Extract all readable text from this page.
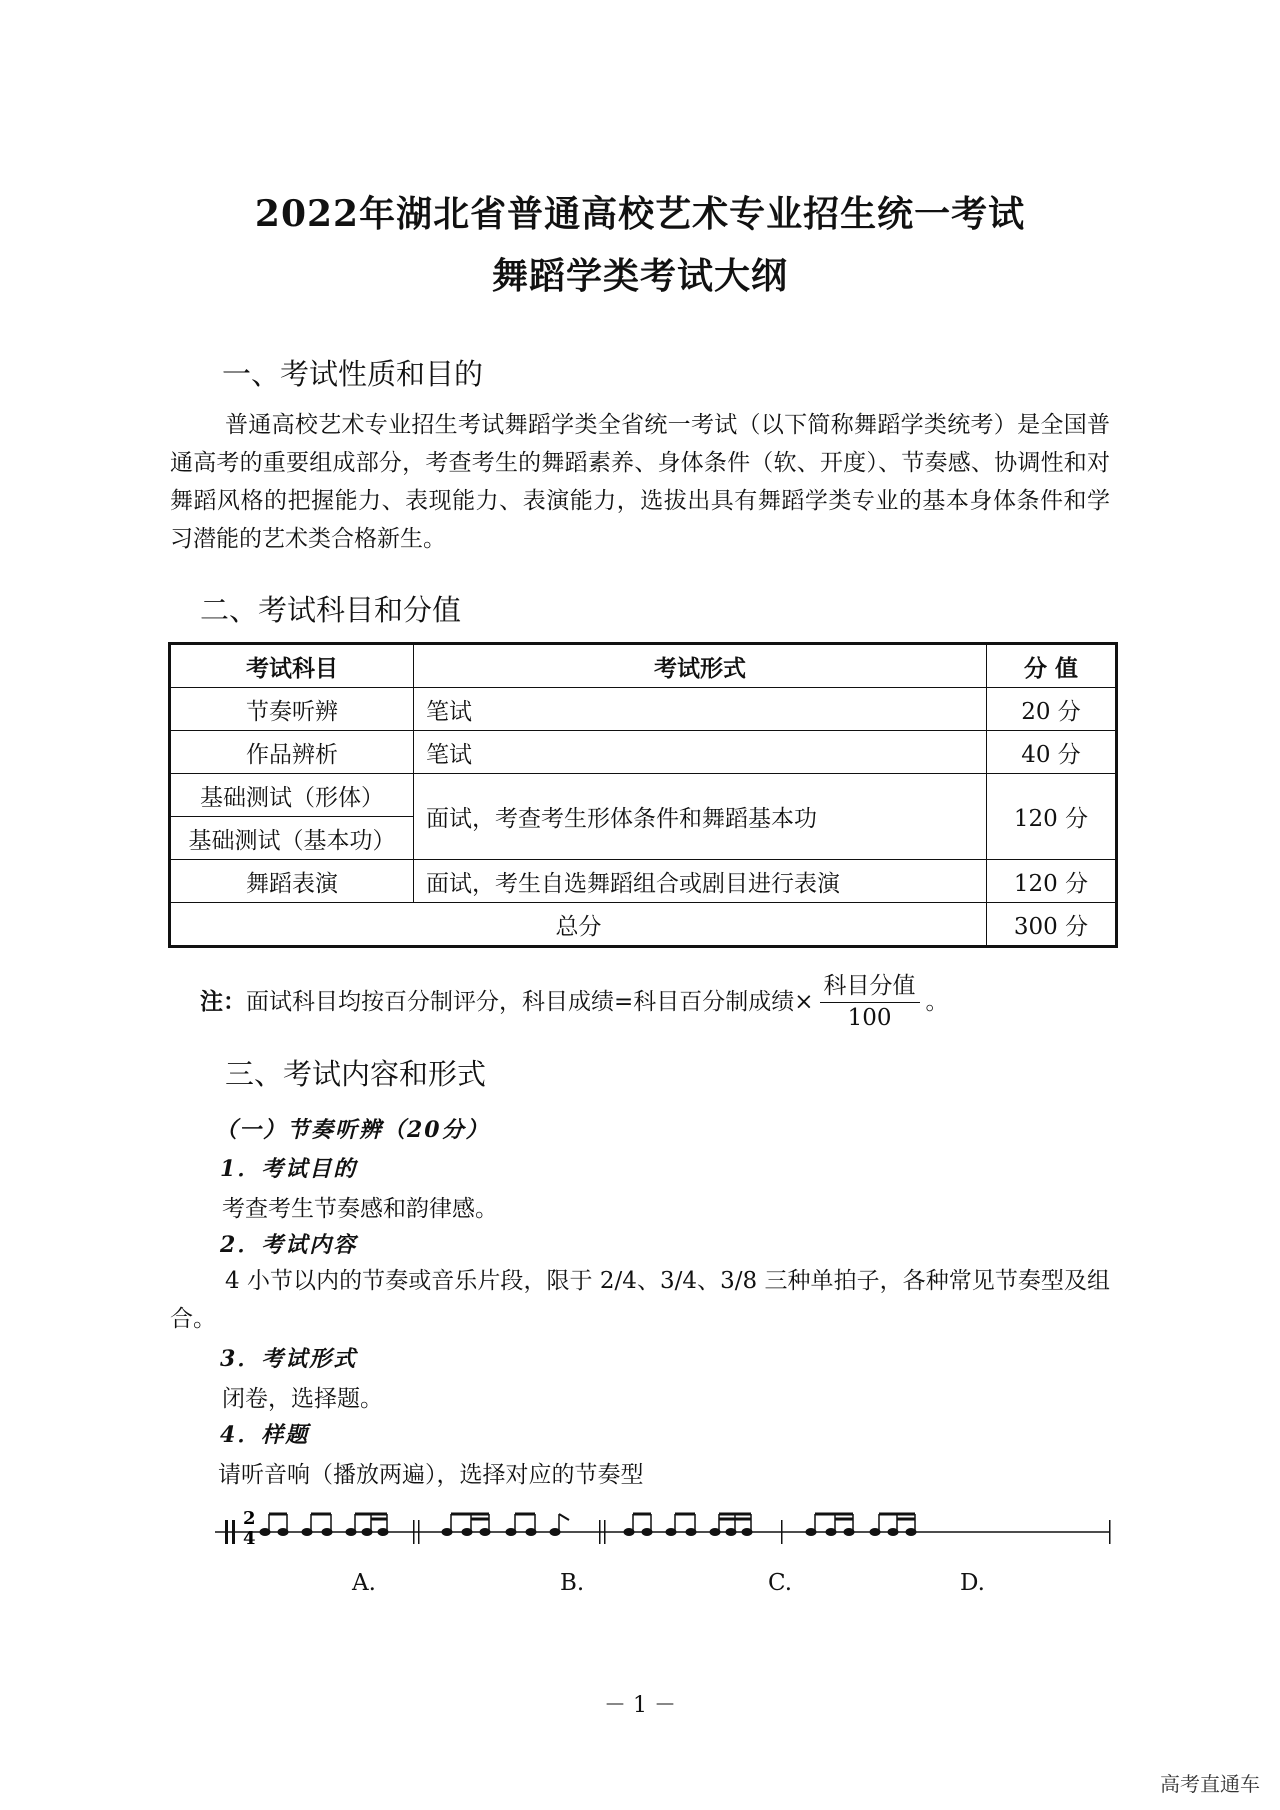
2022年湖北省普通高校艺术专业招生统一考试
舞蹈学类考试大纲
一、考试性质和目的

普通高校艺术专业招生考试舞蹈学类全省统一考试（以下简称舞蹈学类统考）是全国普通高考的重要组成部分，考查考生的舞蹈素养、身体条件（软、开度）、节奏感、协调性和对舞蹈风格的把握能力、表现能力、表演能力，选拔出具有舞蹈学类专业的基本身体条件和学习潜能的艺术类合格新生。

二、考试科目和分值
考试科目	考试形式	分 值
节奏听辨	笔试	20 分
作品辨析	笔试	40 分
基础测试（形体）	面试，考查考生形体条件和舞蹈基本功	120 分
基础测试（基本功）		
舞蹈表演	面试，考生自选舞蹈组合或剧目进行表演	120 分
总分		300 分
注： 面试科目均按百分制评分，科目成绩=科目百分制成绩× $\frac{\text{科目分值}}{100}$ 。
三、考试内容和形式
（一）节奏听辨（20分）
1．考试目的
考查考生节奏感和韵律感。
2．考试内容

4 小节以内的节奏或音乐片段，限于 2/4、3/4、3/8 三种单拍子，各种常见节奏型及组合。

3．考试形式
闭卷，选择题。
4．样题
请听音响（播放两遍），选择对应的节奏型
2
4
A.	B.	C.	D.
－ 1 －
高考直通车
